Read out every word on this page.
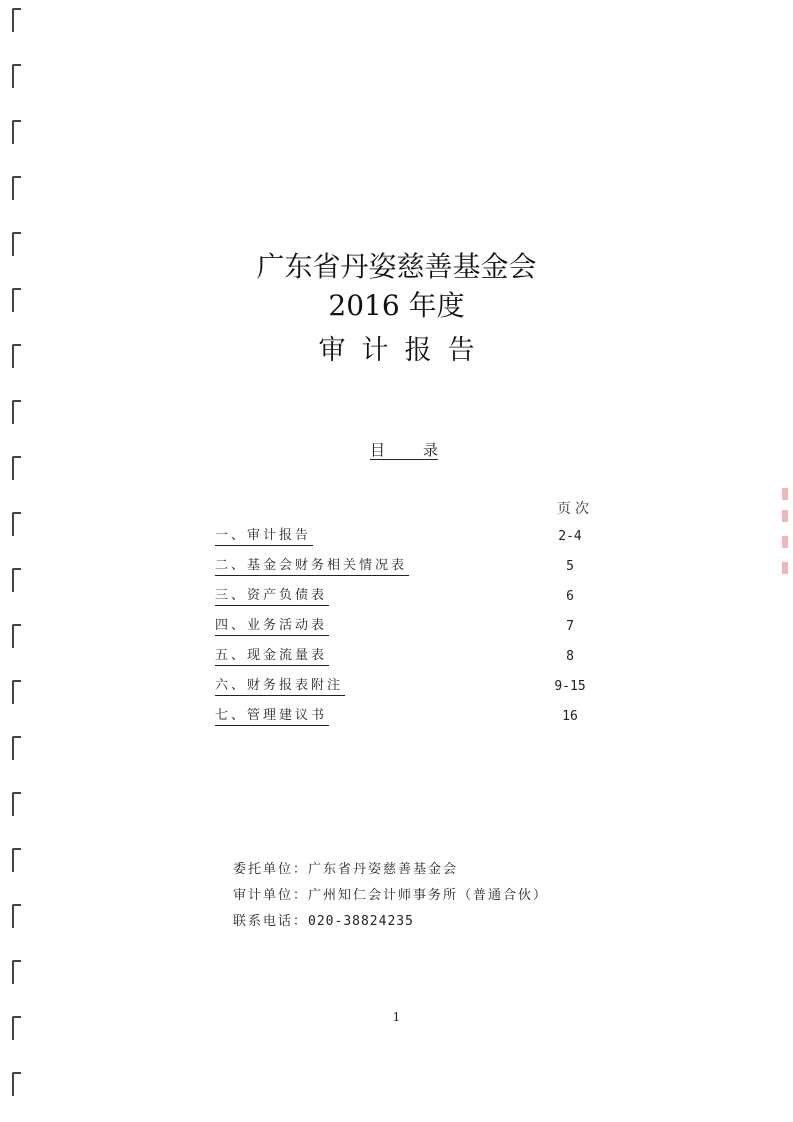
广东省丹姿慈善基金会
2016 年度
审计报告
目	录
页次
一、审计报告	2-4
二、基金会财务相关情况表	5
三、资产负债表	6
四、业务活动表	7
五、现金流量表	8
六、财务报表附注	9-15
七、管理建议书	16
委托单位：广东省丹姿慈善基金会
审计单位：广州知仁会计师事务所（普通合伙）
联系电话：020-38824235
1
